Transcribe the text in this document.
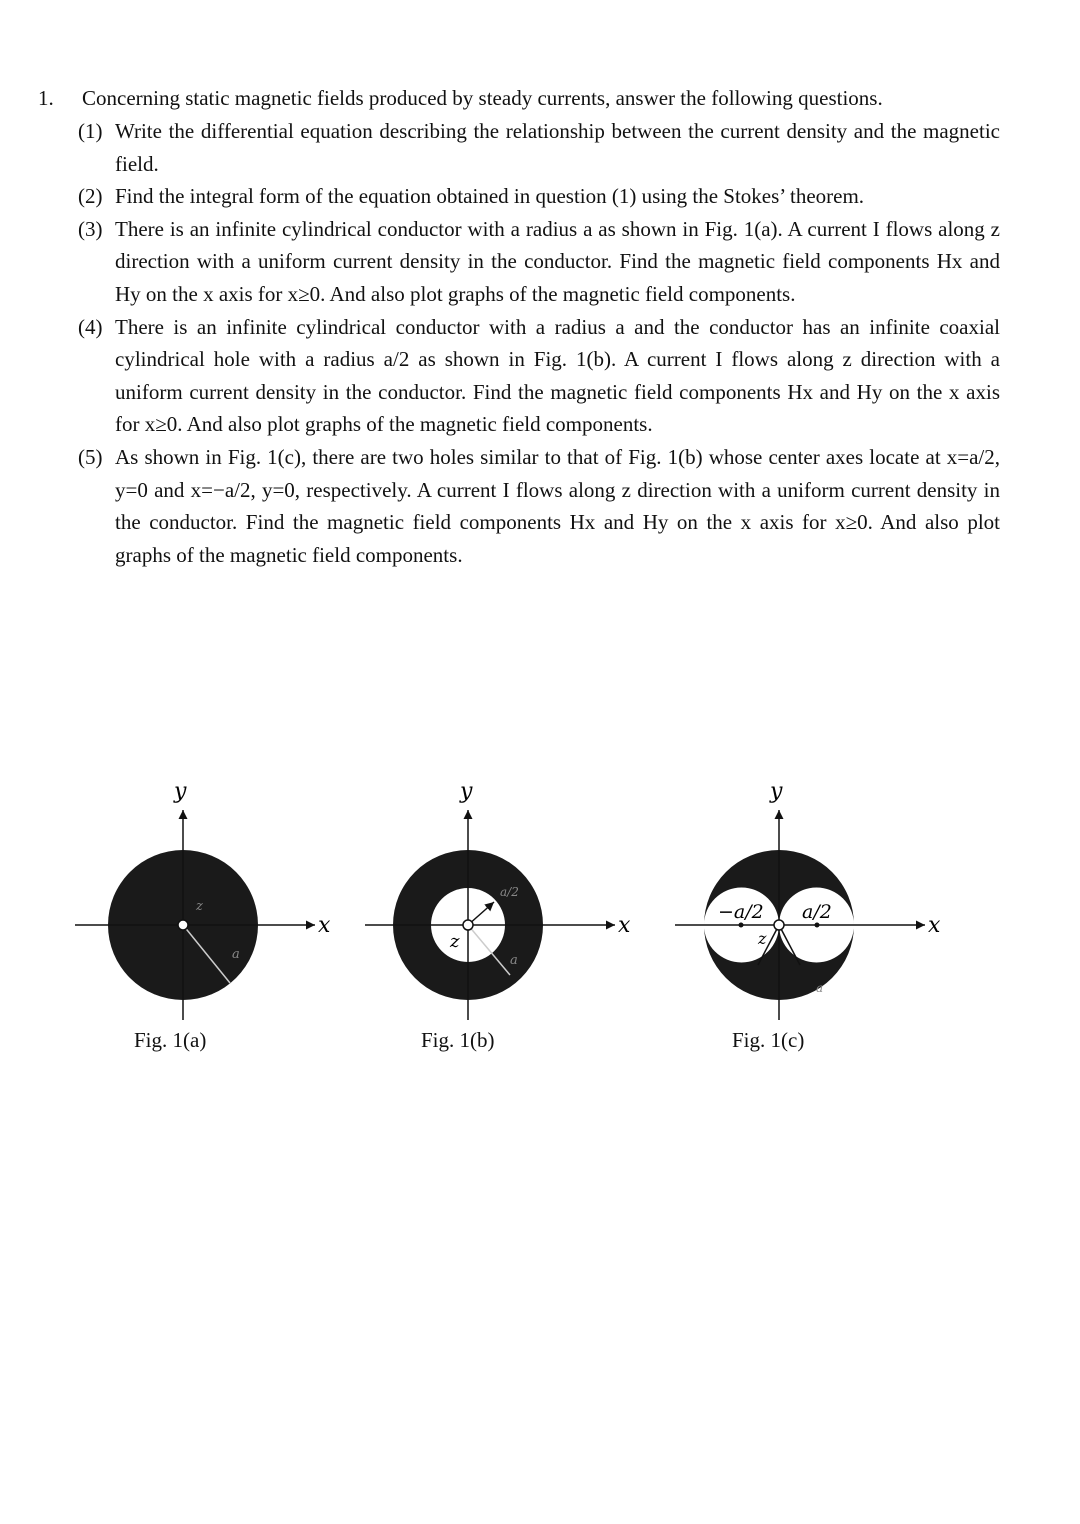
1.	Concerning static magnetic fields produced by steady currents, answer the following questions.
(1) Write the differential equation describing the relationship between the current density and the magnetic field.
(2) Find the integral form of the equation obtained in question (1) using the Stokes’ theorem.
(3) There is an infinite cylindrical conductor with a radius a as shown in Fig. 1(a). A current I flows along z direction with a uniform current density in the conductor. Find the magnetic field components Hx and Hy on the x axis for x≥0. And also plot graphs of the magnetic field components.
(4) There is an infinite cylindrical conductor with a radius a and the conductor has an infinite coaxial cylindrical hole with a radius a/2 as shown in Fig. 1(b). A current I flows along z direction with a uniform current density in the conductor. Find the magnetic field components Hx and Hy on the x axis for x≥0. And also plot graphs of the magnetic field components.
(5) As shown in Fig. 1(c), there are two holes similar to that of Fig. 1(b) whose center axes locate at x=a/2, y=0 and x=−a/2, y=0, respectively. A current I flows along z direction with a uniform current density in the conductor. Find the magnetic field components Hx and Hy on the x axis for x≥0. And also plot graphs of the magnetic field components.
y
x
z
a
Fig. 1(a)
y
x
z
a/2
a
Fig. 1(b)
y
x
z
−a/2 a/2
a
Fig. 1(c)
